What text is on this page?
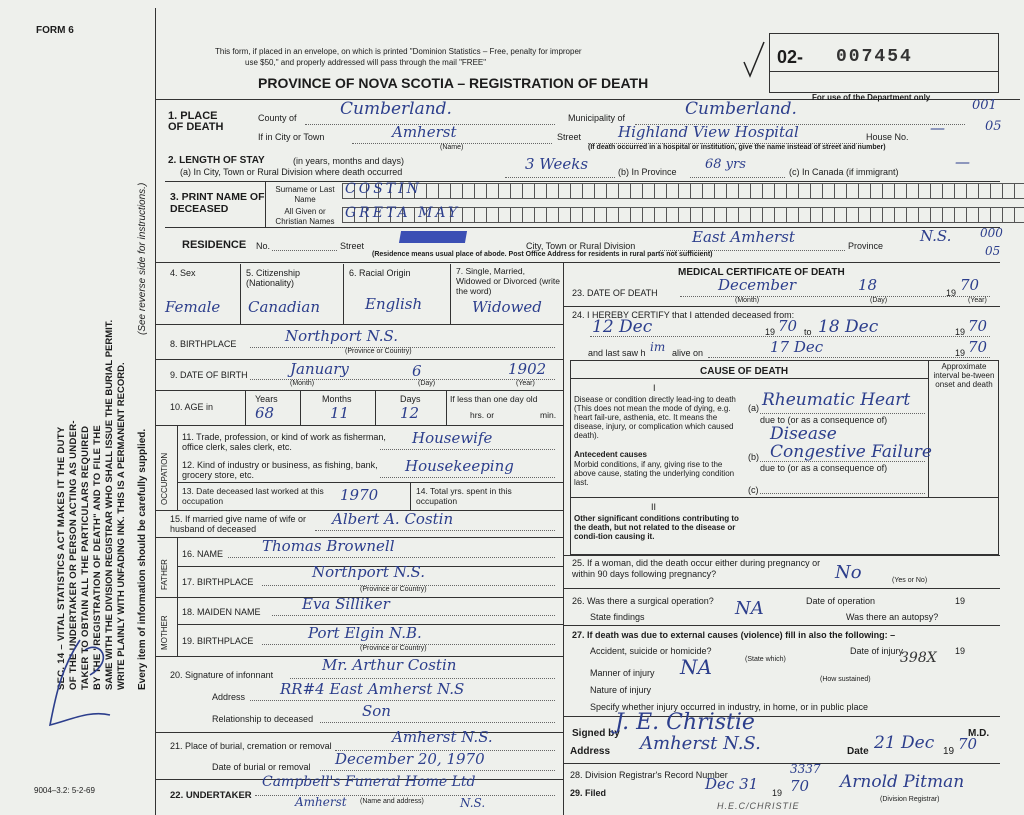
FORM 6
9004–3.2: 5-2-69
SEC. 14 – VITAL STATISTICS ACT MAKES IT THE DUTY OF THE UNDERTAKER OR PERSON ACTING AS UNDER- TAKER TO OBTAIN ALL THE PARTICULARS REQUIRED BY THE "REGISTRATION OF DEATH" AND TO FILE THE SAME WITH THE DIVISION REGISTRAR WHO SHALL ISSUE THE BURIAL PERMIT. WRITE PLAINLY WITH UNFADING INK. THIS IS A PERMANENT RECORD.
(See reverse side for instructions.)
Every item of information should be carefully supplied.
This form, if placed in an envelope, on which is printed "Dominion Statistics – Free, penalty for improper
use $50," and properly addressed will pass through the mail "FREE"
PROVINCE OF NOVA SCOTIA – REGISTRATION OF DEATH
02- 007454
For use of the Department only
1. PLACE OF DEATH
County of	Cumberland.	Municipality of	Cumberland.	001
If in City or Town	Amherst
(Name)
Street Highland View Hospital	House No. —	05
(If death occurred in a hospital or institution, give the name instead of street and number)
2. LENGTH OF STAY	(in years, months and days)
(a) In City, Town or Rural Division where death occurred	3 Weeks	(b) In Province 68 yrs	(c) In Canada (if immigrant)
—
3. PRINT NAME OF DECEASED
Surname or Last Name
All Given or Christian Names
COSTIN
GRETA MAY
RESIDENCE No.	Street	City, Town or Rural Division	East Amherst	Province
N.S. 000
05
(Residence means usual place of abode. Post Office Address for residents in rural parts not sufficient)
4. Sex
Female
5. Citizenship (Nationality)
Canadian
6. Racial Origin
English
7. Single, Married, Widowed or Divorced (write the word)
Widowed
8. BIRTHPLACE	Northport N.S.
(Province or Country)
9. DATE OF BIRTH	January	6	1902
(Month)	(Day)	(Year)
10. AGE in
Years
68
Months
11
Days
12
If less than one day old
hrs. or	min.
OCCUPATION
11. Trade, profession, or kind of work as fisherman, office clerk, sales clerk, etc.	Housewife
12. Kind of industry or business, as fishing, bank, grocery store, etc.	Housekeeping
13. Date deceased last worked at this occupation	1970	14. Total yrs. spent in this occupation
15. If married give name of wife or husband of deceased
Albert A. Costin
FATHER
16. NAME	Thomas Brownell
17. BIRTHPLACE
Northport N.S.
(Province or Country)
MOTHER
18. MAIDEN NAME	Eva Silliker
19. BIRTHPLACE	Port Elgin N.B.
(Province or Country)
20. Signature of infonnant
Mr. Arthur Costin
Address RR#4 East Amherst N.S
Relationship to deceased	Son
21. Place of burial, cremation or removal	Amherst N.S.
Date of burial or removal December 20, 1970
22. UNDERTAKER
Campbell's Funeral Home Ltd
Amherst	N.S.
(Name and address)
MEDICAL CERTIFICATE OF DEATH
23. DATE OF DEATH	December	18	19 70
(Month)	(Day)	(Year)
24. I HEREBY CERTIFY that I attended deceased from:
12 Dec	19 70 to 18 Dec	19 70
and last saw h im alive on	17 Dec	19 70
CAUSE OF DEATH	Approximate interval be-tween onset and death
I
Disease or condition directly lead-ing to death (This does not mean the mode of dying, e.g. heart fail-ure, asthenia, etc. It means the disease, injury, or complication which caused death).
(a) Rheumatic Heart
due to (or as a consequence of)
Antecedent causes
Morbid conditions, if any, giving rise to the above cause, stating the underlying condition last.
(b)
Disease
Congestive Failure
due to (or as a consequence of)
(c)
II
Other significant conditions contributing to the death, but not related to the disease or condi-tion causing it.
25. If a woman, did the death occur either during pregnancy or within 90 days following pregnancy?	No	(Yes or No)
26. Was there a surgical operation?	Date of operation	19
State findings	NA	Was there an autopsy?
27. If death was due to external causes (violence) fill in also the following: –
Accident, suicide or homicide?
(State which)
Date of injury	19
Manner of injury NA	398X
(How sustained)
Nature of injury
Specify whether injury occurred in industry, in home, or in public place
Signed by
J. E. Christie	M.D.
Address Amherst N.S.	Date 21 Dec 19 70
28. Division Registrar's Record Number	3337
29. Filed	Dec 31 19 70 Arnold Pitman
(Division Registrar)
H.E.C/CHRISTIE
